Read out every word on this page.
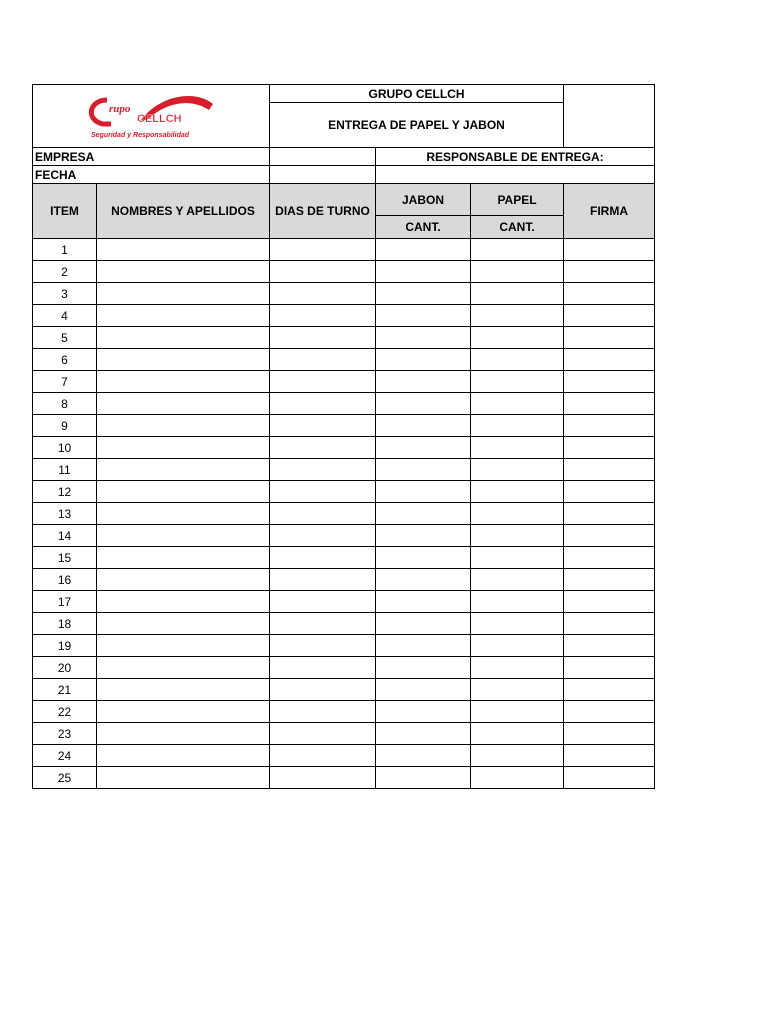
rupo
CELLCH
Seguridad y Responsabilidad		GRUPO CELLCH			
		ENTREGA DE PAPEL Y JABON			
EMPRESA			RESPONSABLE DE ENTREGA:		
FECHA					
ITEM	NOMBRES Y APELLIDOS	DIAS DE TURNO	JABON	PAPEL	FIRMA
			CANT.	CANT.	
1					
2					
3					
4					
5					
6					
7					
8					
9					
10					
11					
12					
13					
14					
15					
16					
17					
18					
19					
20					
21					
22					
23					
24					
25					
